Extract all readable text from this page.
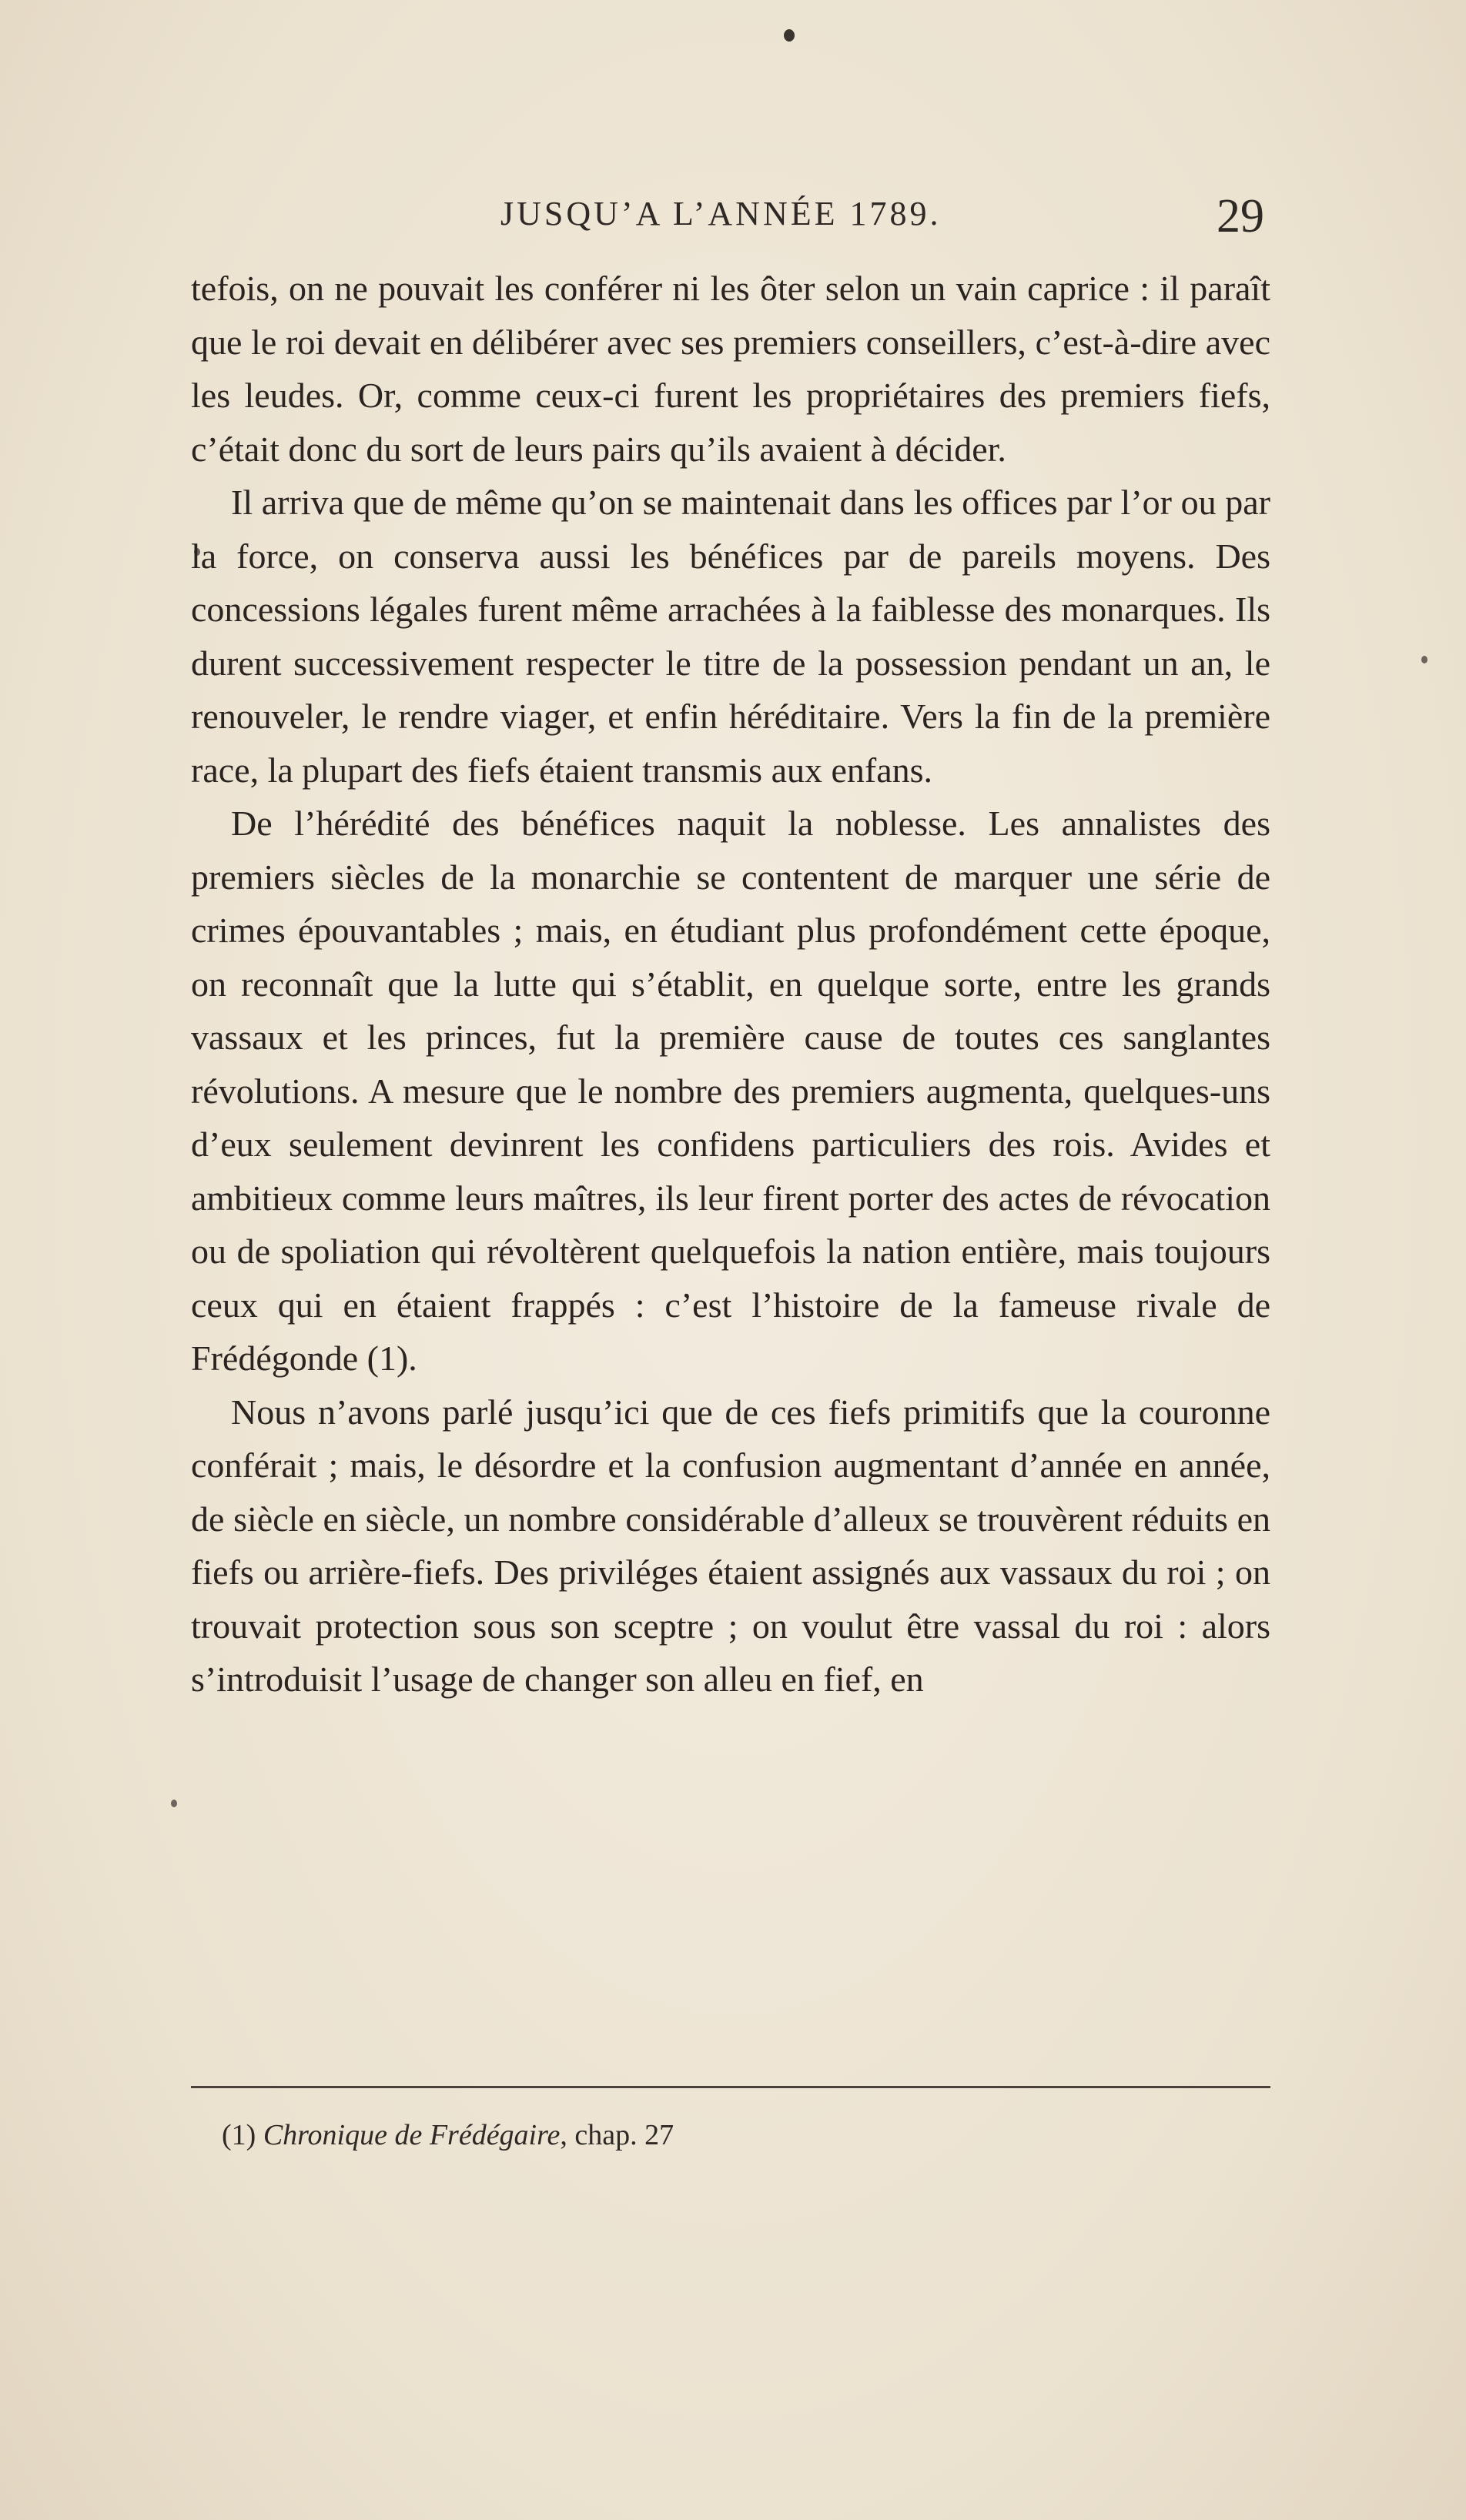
JUSQU’A L’ANNÉE 1789.	29

tefois, on ne pouvait les conférer ni les ôter selon un vain caprice : il paraît que le roi devait en délibérer avec ses premiers conseillers, c’est-à-dire avec les leudes. Or, comme ceux-ci furent les propriétaires des premiers fiefs, c’était donc du sort de leurs pairs qu’ils avaient à décider.

Il arriva que de même qu’on se maintenait dans les offices par l’or ou par la force, on conserva aussi les bénéfices par de pareils moyens. Des concessions légales furent même arrachées à la faiblesse des monarques. Ils durent successivement respecter le titre de la possession pendant un an, le renouveler, le rendre viager, et enfin héréditaire. Vers la fin de la première race, la plupart des fiefs étaient transmis aux enfans.

De l’hérédité des bénéfices naquit la noblesse. Les annalistes des premiers siècles de la monarchie se contentent de marquer une série de crimes épouvantables ; mais, en étudiant plus profondément cette époque, on reconnaît que la lutte qui s’établit, en quelque sorte, entre les grands vassaux et les princes, fut la première cause de toutes ces sanglantes révolutions. A mesure que le nombre des premiers augmenta, quelques-uns d’eux seulement devinrent les confidens particuliers des rois. Avides et ambitieux comme leurs maîtres, ils leur firent porter des actes de révocation ou de spoliation qui révoltèrent quelquefois la nation entière, mais toujours ceux qui en étaient frappés : c’est l’histoire de la fameuse rivale de Frédégonde (1).

Nous n’avons parlé jusqu’ici que de ces fiefs primitifs que la couronne conférait ; mais, le désordre et la confusion augmentant d’année en année, de siècle en siècle, un nombre considérable d’alleux se trouvèrent réduits en fiefs ou arrière-fiefs. Des priviléges étaient assignés aux vassaux du roi ; on trouvait protection sous son sceptre ; on voulut être vassal du roi : alors s’introduisit l’usage de changer son alleu en fief, en

(1) Chronique de Frédégaire, chap. 27
